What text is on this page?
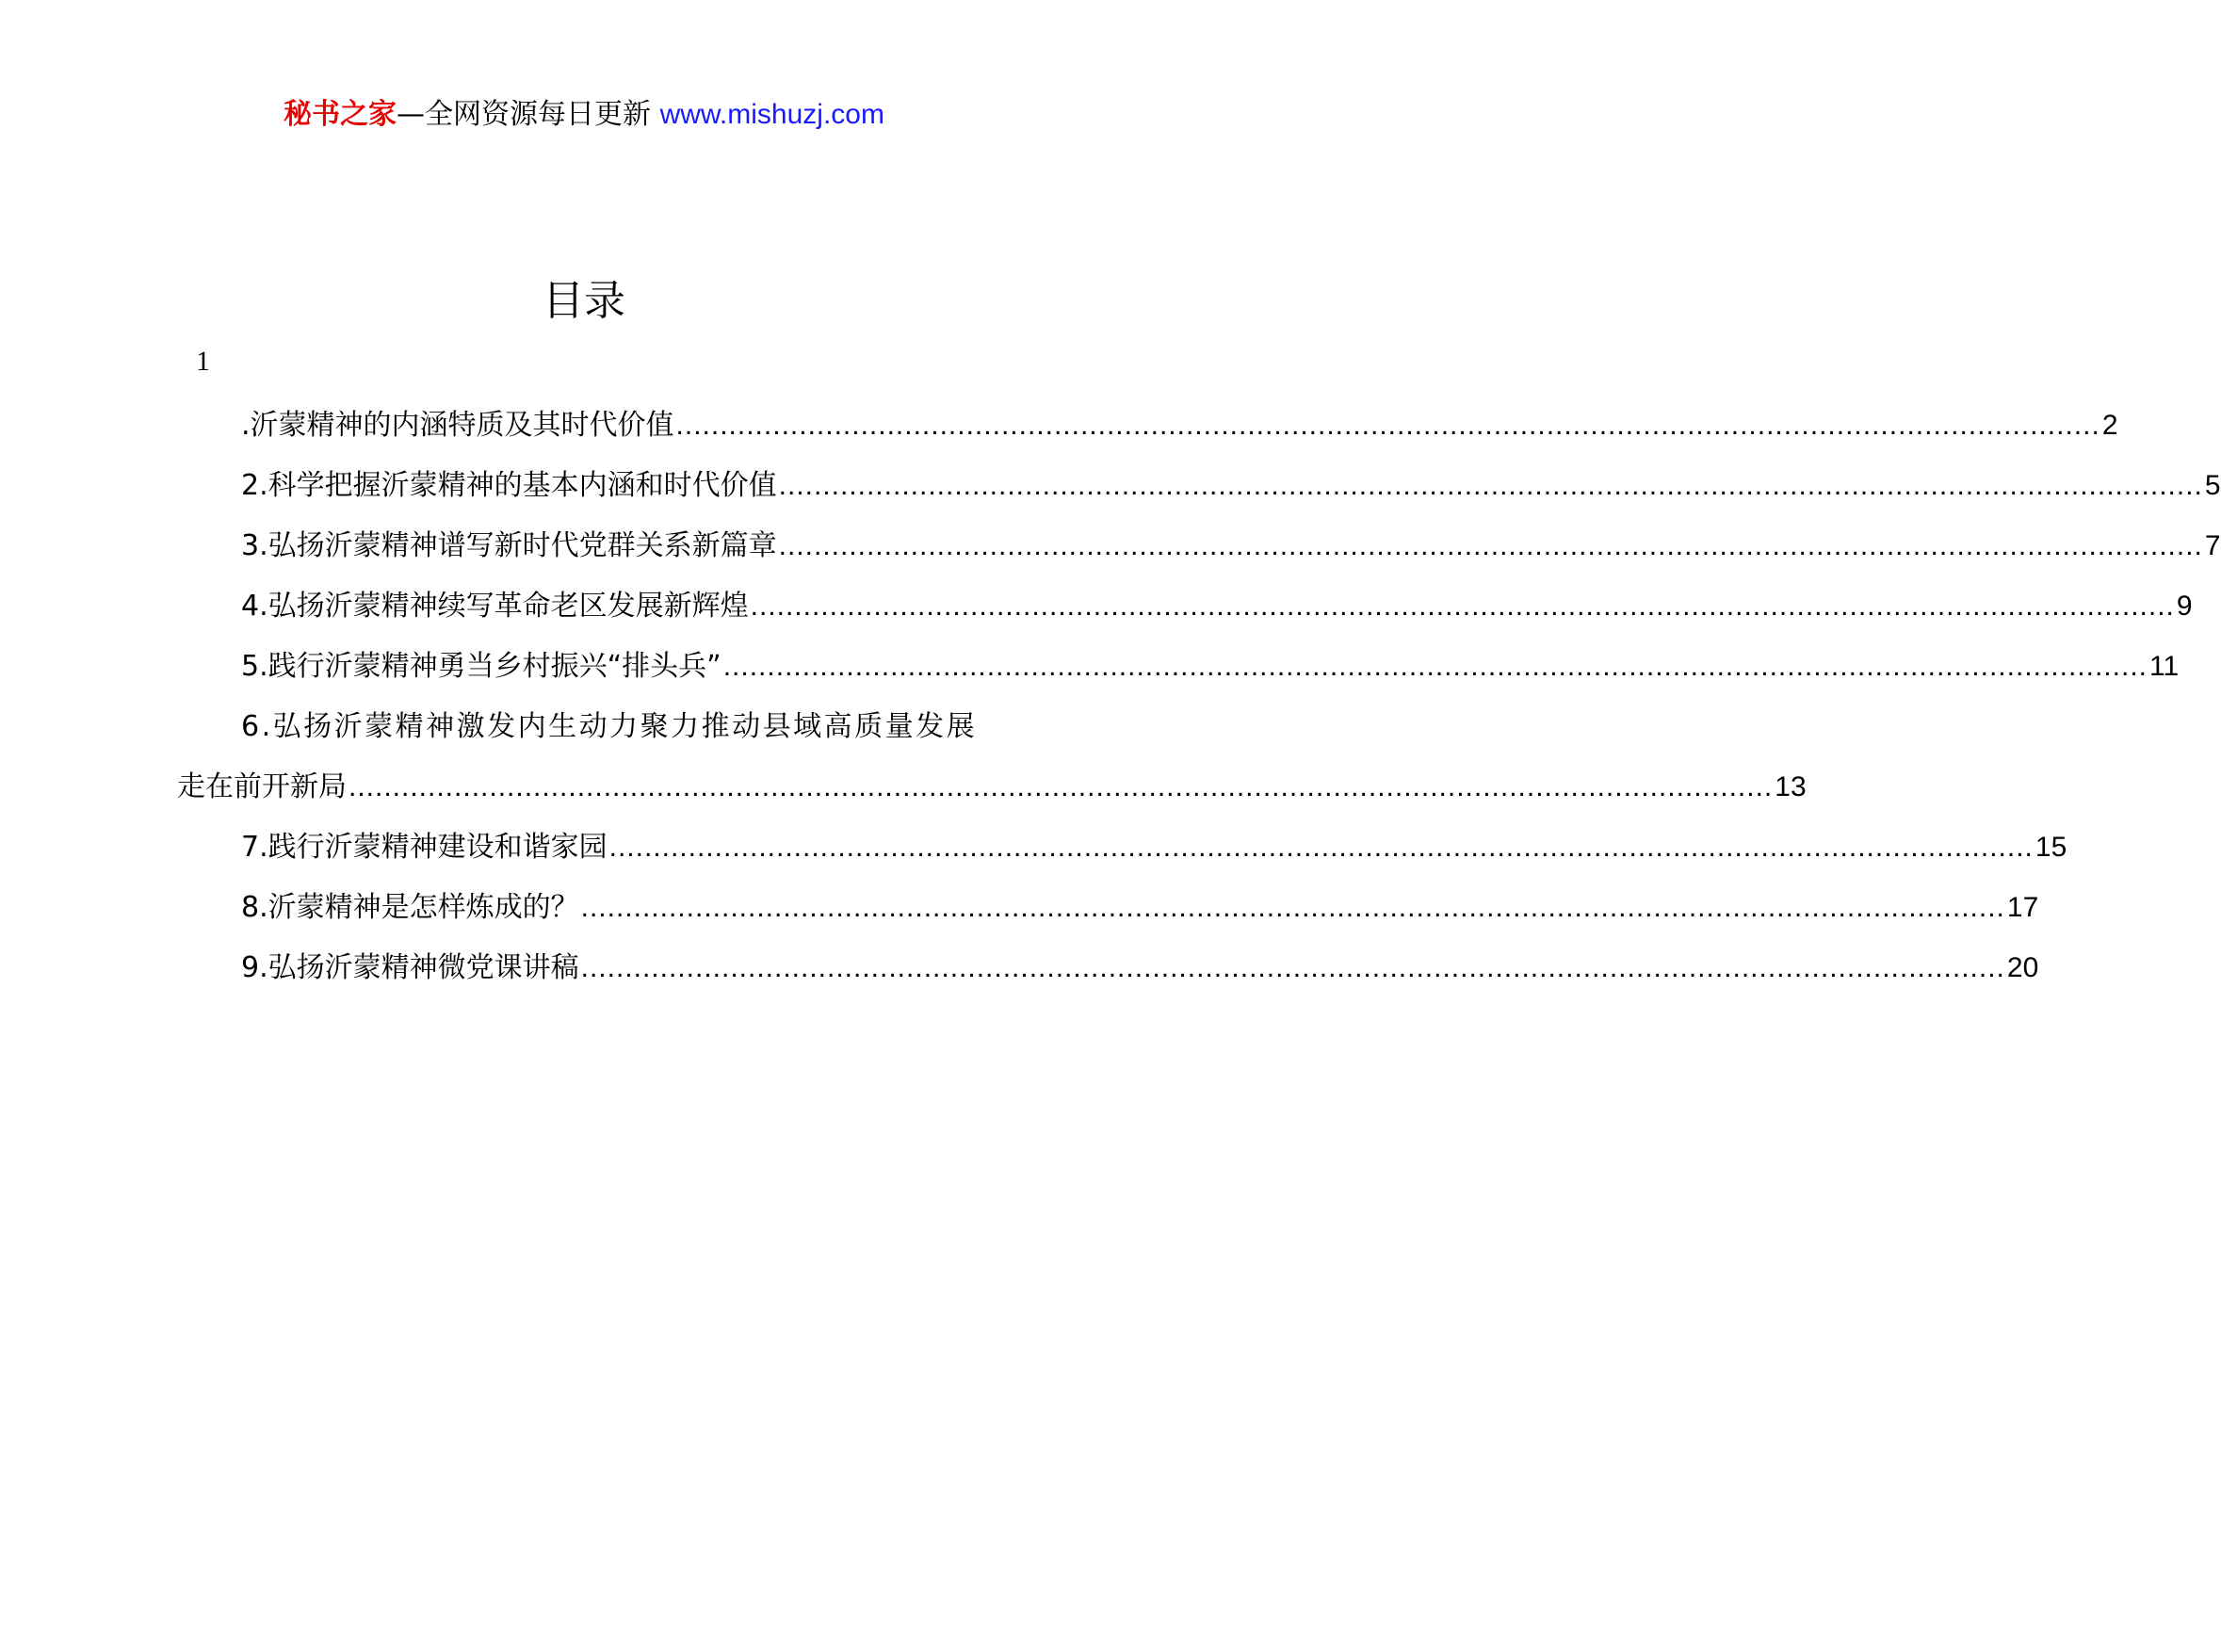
秘书之家—全网资源每日更新 www.mishuzj.com
目录
1
.沂蒙精神的内涵特质及其时代价值 .................................................................................................................................................................. 2
2.科学把握沂蒙精神的基本内涵和时代价值 .................................................................................................................................................................. 5
3.弘扬沂蒙精神谱写新时代党群关系新篇章 .................................................................................................................................................................. 7
4.弘扬沂蒙精神续写革命老区发展新辉煌 .................................................................................................................................................................. 9
5.践行沂蒙精神勇当乡村振兴“排头兵” .................................................................................................................................................................. 11
6.弘扬沂蒙精神激发内生动力聚力推动县域高质量发展
走在前开新局 .................................................................................................................................................................. 13
7.践行沂蒙精神建设和谐家园 .................................................................................................................................................................. 15
8.沂蒙精神是怎样炼成的？ .................................................................................................................................................................. 17
9.弘扬沂蒙精神微党课讲稿 .................................................................................................................................................................. 20
